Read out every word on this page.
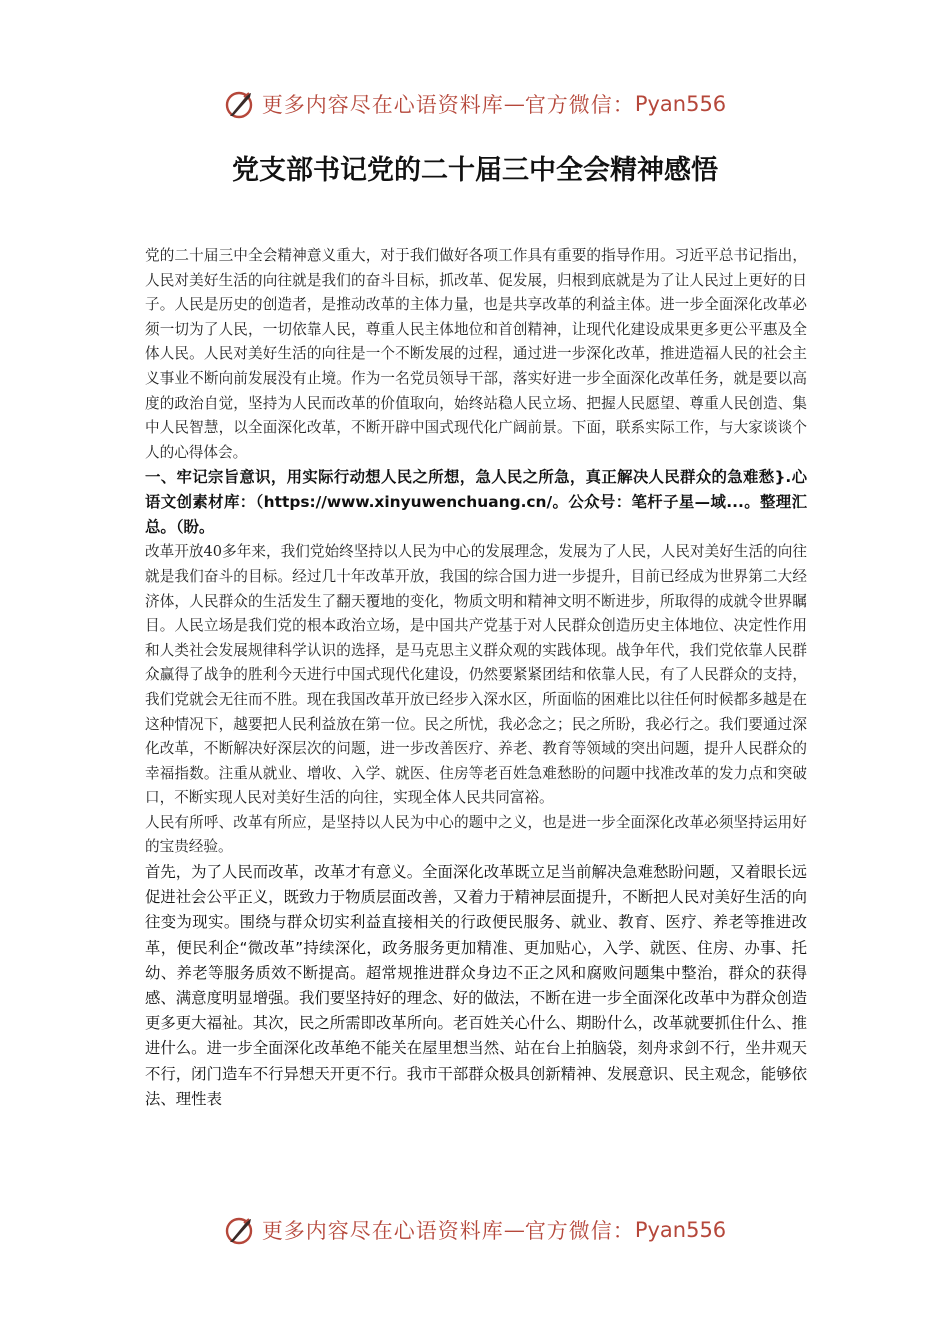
更多内容尽在心语资料库 — 官方微信： Pyan556
党支部书记党的二十届三中全会精神感悟

党的二十届三中全会精神意义重大，对于我们做好各项工作具有重要的指导作用。习近平总书记指出，人民对美好生活的向往就是我们的奋斗目标，抓改革、促发展，归根到底就是为了让人民过上更好的日子。人民是历史的创造者，是推动改革的主体力量，也是共享改革的利益主体。进一步全面深化改革必须一切为了人民，一切依靠人民，尊重人民主体地位和首创精神，让现代化建设成果更多更公平惠及全体人民。人民对美好生活的向往是一个不断发展的过程，通过进一步深化改革，推进造福人民的社会主义事业不断向前发展没有止境。作为一名党员领导干部，落实好进一步全面深化改革任务，就是要以高度的政治自觉，坚持为人民而改革的价值取向，始终站稳人民立场、把握人民愿望、尊重人民创造、集中人民智慧，以全面深化改革，不断开辟中国式现代化广阔前景。下面，联系实际工作，与大家谈谈个人的心得体会。

一、牢记宗旨意识，用实际行动想人民之所想，急人民之所急，真正解决人民群众的急难愁}.心语文创素材库：（https://www.xinyuwenchuang.cn/。公众号：笔杆子星—域...。整理汇总。（盼。

改革开放40多年来，我们党始终坚持以人民为中心的发展理念，发展为了人民，人民对美好生活的向往就是我们奋斗的目标。经过几十年改革开放，我国的综合国力进一步提升，目前已经成为世界第二大经济体，人民群众的生活发生了翻天覆地的变化，物质文明和精神文明不断进步，所取得的成就令世界瞩目。人民立场是我们党的根本政治立场，是中国共产党基于对人民群众创造历史主体地位、决定性作用和人类社会发展规律科学认识的选择，是马克思主义群众观的实践体现。战争年代，我们党依靠人民群众赢得了战争的胜利今天进行中国式现代化建设，仍然要紧紧团结和依靠人民，有了人民群众的支持，我们党就会无往而不胜。现在我国改革开放已经步入深水区，所面临的困难比以往任何时候都多越是在这种情况下，越要把人民利益放在第一位。民之所忧，我必念之；民之所盼，我必行之。我们要通过深化改革，不断解决好深层次的问题，进一步改善医疗、养老、教育等领域的突出问题，提升人民群众的幸福指数。注重从就业、增收、入学、就医、住房等老百姓急难愁盼的问题中找准改革的发力点和突破口，不断实现人民对美好生活的向往，实现全体人民共同富裕。

人民有所呼、改革有所应，是坚持以人民为中心的题中之义，也是进一步全面深化改革必须坚持运用好的宝贵经验。

首先，为了人民而改革，改革才有意义。全面深化改革既立足当前解决急难愁盼问题，又着眼长远促进社会公平正义，既致力于物质层面改善，又着力于精神层面提升，不断把人民对美好生活的向往变为现实。围绕与群众切实利益直接相关的行政便民服务、就业、教育、医疗、养老等推进改革，便民利企“微改革”持续深化，政务服务更加精准、更加贴心，入学、就医、住房、办事、托幼、养老等服务质效不断提高。超常规推进群众身边不正之风和腐败问题集中整治，群众的获得感、满意度明显增强。我们要坚持好的理念、好的做法，不断在进一步全面深化改革中为群众创造更多更大福祉。其次，民之所需即改革所向。老百姓关心什么、期盼什么，改革就要抓住什么、推进什么。进一步全面深化改革绝不能关在屋里想当然、站在台上拍脑袋，刻舟求剑不行，坐井观天不行，闭门造车不行异想天开更不行。我市干部群众极具创新精神、发展意识、民主观念，能够依法、理性表

更多内容尽在心语资料库 — 官方微信： Pyan556
